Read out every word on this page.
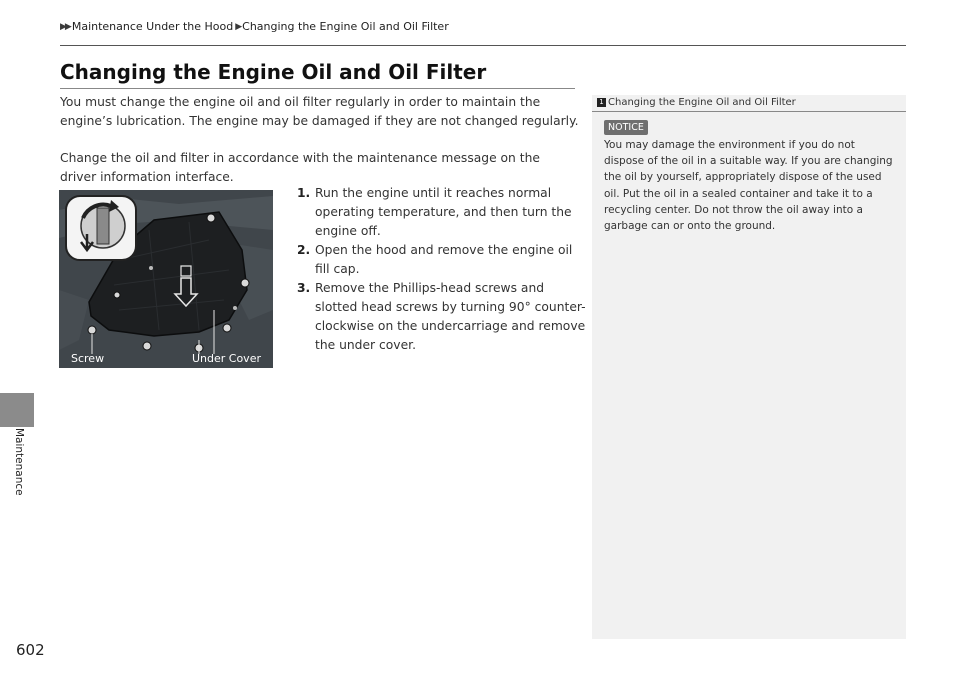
▶▶ Maintenance Under the Hood ▶ Changing the Engine Oil and Oil Filter
Maintenance
Changing the Engine Oil and Oil Filter

You must change the engine oil and oil filter regularly in order to maintain the engine’s lubrication. The engine may be damaged if they are not changed regularly.

Change the oil and filter in accordance with the maintenance message on the driver information interface.

Screw	Under Cover
1. Run the engine until it reaches normal operating temperature, and then turn the engine off.
2. Open the hood and remove the engine oil fill cap.
3. Remove the Phillips-head screws and slotted head screws by turning 90° counter-clockwise on the undercarriage and remove the under cover.
1 Changing the Engine Oil and Oil Filter
NOTICE

You may damage the environment if you do not dispose of the oil in a suitable way. If you are changing the oil by yourself, appropriately dispose of the used oil. Put the oil in a sealed container and take it to a recycling center. Do not throw the oil away into a garbage can or onto the ground.

602
